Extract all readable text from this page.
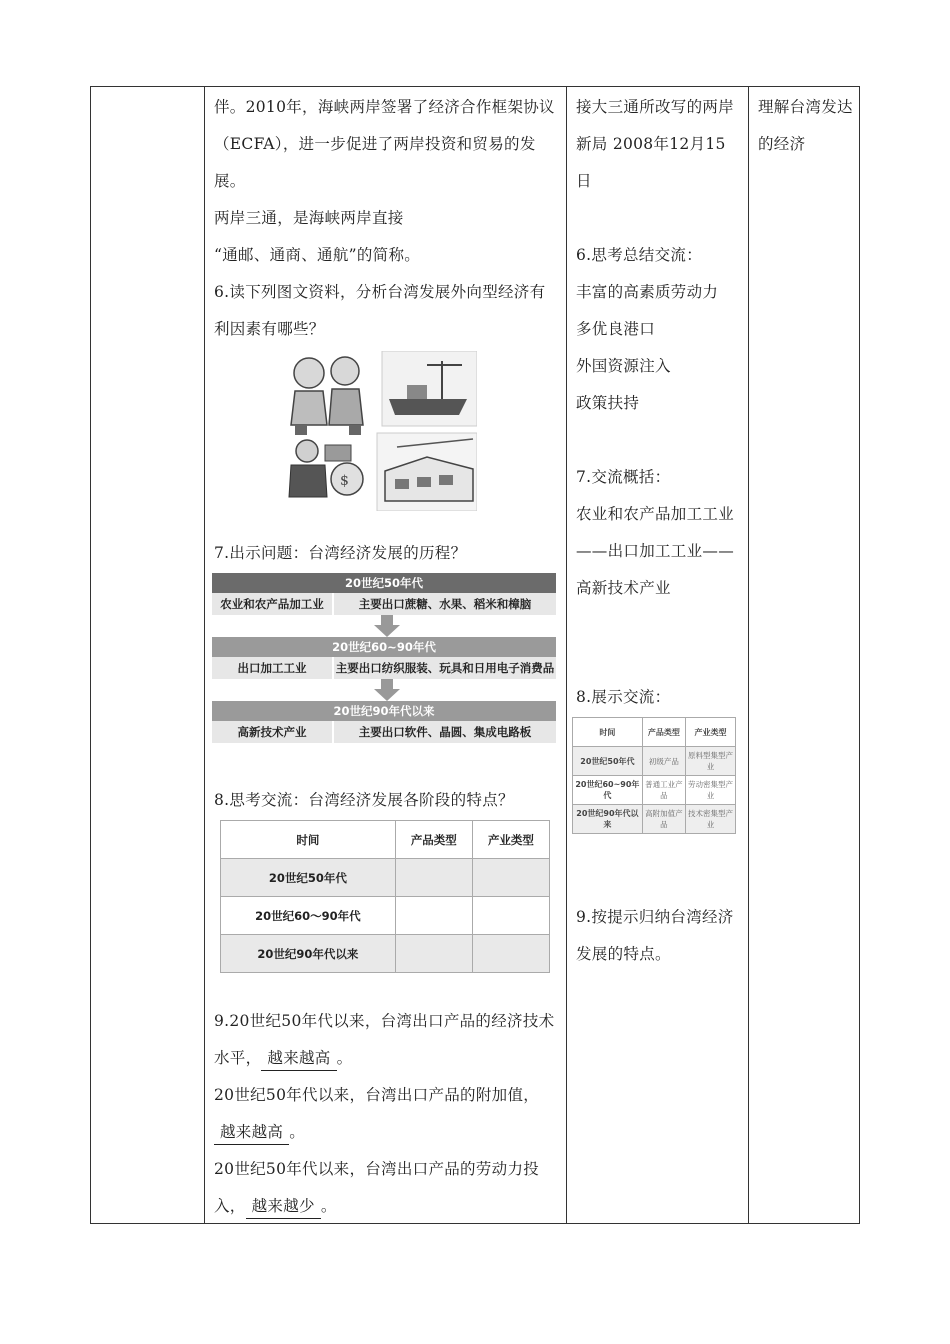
伴。2010年，海峡两岸签署了经济合作框架协议（ECFA），进一步促进了两岸投资和贸易的发展。

两岸三通，是海峡两岸直接

“通邮、通商、通航”的简称。

6.读下列图文资料，分析台湾发展外向型经济有利因素有哪些？

$

7.出示问题：台湾经济发展的历程？

20世纪50年代
农业和农产品加工业	主要出口蔗糖、水果、稻米和樟脑
20世纪60~90年代
出口加工工业	主要出口纺织服装、玩具和日用电子消费品
20世纪90年代以来
高新技术产业	主要出口软件、晶圆、集成电路板

8.思考交流：台湾经济发展各阶段的特点？

时间	产品类型	产业类型
20世纪50年代		
20世纪60～90年代		
20世纪90年代以来		

9.20世纪50年代以来，台湾出口产品的经济技术水平， 越来越高 。

20世纪50年代以来，台湾出口产品的附加值，越来越高 。

20世纪50年代以来，台湾出口产品的劳动力投入， 越来越少 。

接大三通所改写的两岸新局 2008年12月15日

6.思考总结交流：

丰富的高素质劳动力

多优良港口

外国资源注入

政策扶持

7.交流概括：

农业和农产品加工工业——出口加工工业——高新技术产业

8.展示交流：

时间	产品类型	产业类型
20世纪50年代	初级产品	原料型集型产业
20世纪60~90年代	普通工业产品	劳动密集型产业
20世纪90年代以来	高附加值产品	技术密集型产业

9.按提示归纳台湾经济发展的特点。

理解台湾发达的经济
